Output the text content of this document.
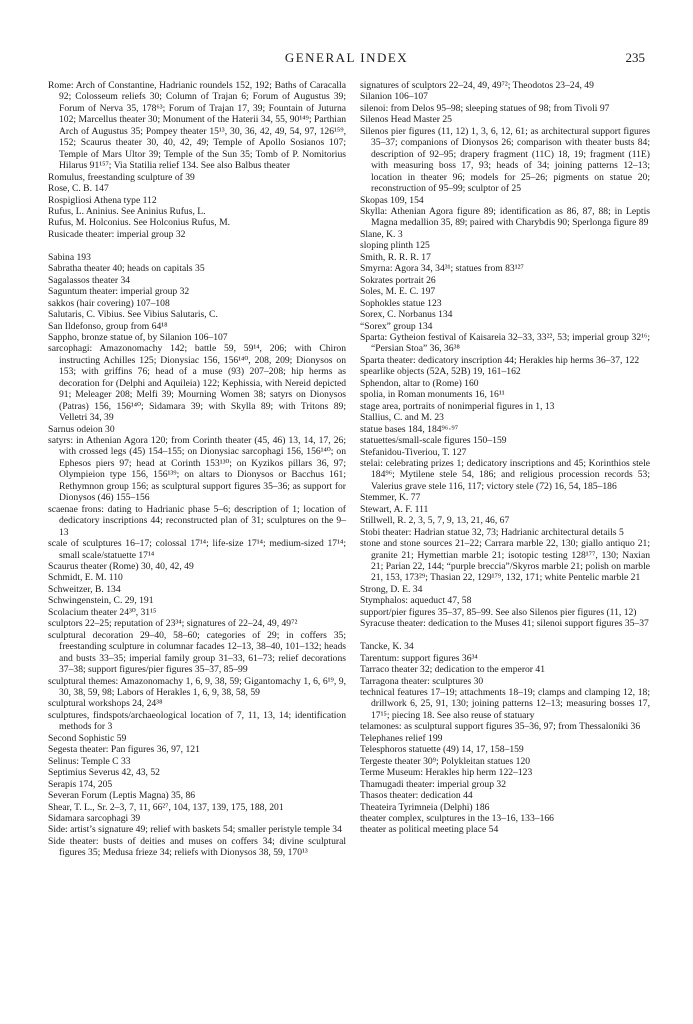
GENERAL INDEX	235
Rome: Arch of Constantine, Hadrianic roundels 152, 192; Baths of Caracalla 92; Colosseum reliefs 30; Column of Trajan 6; Forum of Augustus 39; Forum of Nerva 35, 178⁶³; Forum of Trajan 17, 39; Fountain of Juturna 102; Marcellus theater 30; Monument of the Haterii 34, 55, 90¹⁴⁹; Parthian Arch of Augustus 35; Pompey theater 15¹³, 30, 36, 42, 49, 54, 97, 126¹⁵⁹, 152; Scaurus theater 30, 40, 42, 49; Temple of Apollo Sosianos 107; Temple of Mars Ultor 39; Temple of the Sun 35; Tomb of P. Nomitorius Hilarus 91¹⁵⁷; Via Statilia relief 134. See also Balbus theater
Romulus, freestanding sculpture of 39
Rose, C. B. 147
Rospigliosi Athena type 112
Rufus, L. Aninius. See Aninius Rufus, L.
Rufus, M. Holconius. See Holconius Rufus, M.
Rusicade theater: imperial group 32
Sabina 193
Sabratha theater 40; heads on capitals 35
Sagalassos theater 34
Saguntum theater: imperial group 32
sakkos (hair covering) 107–108
Salutaris, C. Vibius. See Vibius Salutaris, C.
San Ildefonso, group from 64¹⁸
Sappho, bronze statue of, by Silanion 106–107
sarcophagi: Amazonomachy 142; battle 59, 59¹⁴, 206; with Chiron instructing Achilles 125; Dionysiac 156, 156¹⁴⁰, 208, 209; Dionysos on 153; with griffins 76; head of a muse (93) 207–208; hip herms as decoration for (Delphi and Aquileia) 122; Kephissia, with Nereid depicted 91; Meleager 208; Melfi 39; Mourning Women 38; satyrs on Dionysos (Patras) 156, 156¹⁴⁰; Sidamara 39; with Skylla 89; with Tritons 89; Velletri 34, 39
Sarnus odeion 30
satyrs: in Athenian Agora 120; from Corinth theater (45, 46) 13, 14, 17, 26; with crossed legs (45) 154–155; on Dionysiac sarcophagi 156, 156¹⁴⁰; on Ephesos piers 97; head at Corinth 153¹³⁰; on Kyzikos pillars 36, 97; Olympieion type 156, 156¹³⁹; on altars to Dionysos or Bacchus 161; Rethymnon group 156; as sculptural support figures 35–36; as support for Dionysos (46) 155–156
scaenae frons: dating to Hadrianic phase 5–6; description of 1; location of dedicatory inscriptions 44; reconstructed plan of 31; sculptures on the 9–13
scale of sculptures 16–17; colossal 17¹⁴; life-size 17¹⁴; medium-sized 17¹⁴; small scale/statuette 17¹⁴
Scaurus theater (Rome) 30, 40, 42, 49
Schmidt, E. M. 110
Schweitzer, B. 134
Schwingenstein, C. 29, 191
Scolacium theater 24³⁰, 31¹⁵
sculptors 22–25; reputation of 23³⁴; signatures of 22–24, 49, 49⁷²
sculptural decoration 29–40, 58–60; categories of 29; in coffers 35; freestanding sculpture in columnar facades 12–13, 38–40, 101–132; heads and busts 33–35; imperial family group 31–33, 61–73; relief decorations 37–38; support figures/pier figures 35–37, 85–99
sculptural themes: Amazonomachy 1, 6, 9, 38, 59; Gigantomachy 1, 6, 6¹⁹, 9, 30, 38, 59, 98; Labors of Herakles 1, 6, 9, 38, 58, 59
sculptural workshops 24, 24³⁸
sculptures, findspots/archaeological location of 7, 11, 13, 14; identification methods for 3
Second Sophistic 59
Segesta theater: Pan figures 36, 97, 121
Selinus: Temple C 33
Septimius Severus 42, 43, 52
Serapis 174, 205
Severan Forum (Leptis Magna) 35, 86
Shear, T. L., Sr. 2–3, 7, 11, 66²⁷, 104, 137, 139, 175, 188, 201
Sidamara sarcophagi 39
Side: artist’s signature 49; relief with baskets 54; smaller peristyle temple 34
Side theater: busts of deities and muses on coffers 34; divine sculptural figures 35; Medusa frieze 34; reliefs with Dionysos 38, 59, 170¹³
signatures of sculptors 22–24, 49, 49⁷²; Theodotos 23–24, 49
Silanion 106–107
silenoi: from Delos 95–98; sleeping statues of 98; from Tivoli 97
Silenos Head Master 25
Silenos pier figures (11, 12) 1, 3, 6, 12, 61; as architectural support figures 35–37; companions of Dionysos 26; comparison with theater busts 84; description of 92–95; drapery fragment (11C) 18, 19; fragment (11E) with measuring boss 17, 93; heads of 34; joining patterns 12–13; location in theater 96; models for 25–26; pigments on statue 20; reconstruction of 95–99; sculptor of 25
Skopas 109, 154
Skylla: Athenian Agora figure 89; identification as 86, 87, 88; in Leptis Magna medallion 35, 89; paired with Charybdis 90; Sperlonga figure 89
Slane, K. 3
sloping plinth 125
Smith, R. R. R. 17
Smyrna: Agora 34, 34³¹; statues from 83¹²⁷
Sokrates portrait 26
Soles, M. E. C. 197
Sophokles statue 123
Sorex, C. Norbanus 134
“Sorex” group 134
Sparta: Gytheion festival of Kaisareia 32–33, 33²², 53; imperial group 32¹⁶; “Persian Stoa” 36, 36³⁸
Sparta theater: dedicatory inscription 44; Herakles hip herms 36–37, 122
spearlike objects (52A, 52B) 19, 161–162
Sphendon, altar to (Rome) 160
spolia, in Roman monuments 16, 16¹¹
stage area, portraits of nonimperial figures in 1, 13
Stallius, C. and M. 23
statue bases 184, 184⁹⁶·⁹⁷
statuettes/small-scale figures 150–159
Stefanidou-Tiveriou, T. 127
stelai: celebrating prizes 1; dedicatory inscriptions and 45; Korinthios stele 184⁹⁶; Mytilene stele 54, 186; and religious procession records 53; Valerius grave stele 116, 117; victory stele (72) 16, 54, 185–186
Stemmer, K. 77
Stewart, A. F. 111
Stillwell, R. 2, 3, 5, 7, 9, 13, 21, 46, 67
Stobi theater: Hadrian statue 32, 73; Hadrianic architectural details 5
stone and stone sources 21–22; Carrara marble 22, 130; giallo antiquo 21; granite 21; Hymettian marble 21; isotopic testing 128¹⁷⁷, 130; Naxian 21; Parian 22, 144; “purple breccia”/Skyros marble 21; polish on marble 21, 153, 173²⁹; Thasian 22, 129¹⁷⁹, 132, 171; white Pentelic marble 21
Strong, D. E. 34
Stymphalos: aqueduct 47, 58
support/pier figures 35–37, 85–99. See also Silenos pier figures (11, 12)
Syracuse theater: dedication to the Muses 41; silenoi support figures 35–37
Tancke, K. 34
Tarentum: support figures 36³⁴
Tarraco theater 32; dedication to the emperor 41
Tarragona theater: sculptures 30
technical features 17–19; attachments 18–19; clamps and clamping 12, 18; drillwork 6, 25, 91, 130; joining patterns 12–13; measuring bosses 17, 17¹⁵; piecing 18. See also reuse of statuary
telamones: as sculptural support figures 35–36, 97; from Thessaloniki 36
Telephanes relief 199
Telesphoros statuette (49) 14, 17, 158–159
Tergeste theater 30⁹; Polykleitan statues 120
Terme Museum: Herakles hip herm 122–123
Thamugadi theater: imperial group 32
Thasos theater: dedication 44
Theateira Tyrimneia (Delphi) 186
theater complex, sculptures in the 13–16, 133–166
theater as political meeting place 54
